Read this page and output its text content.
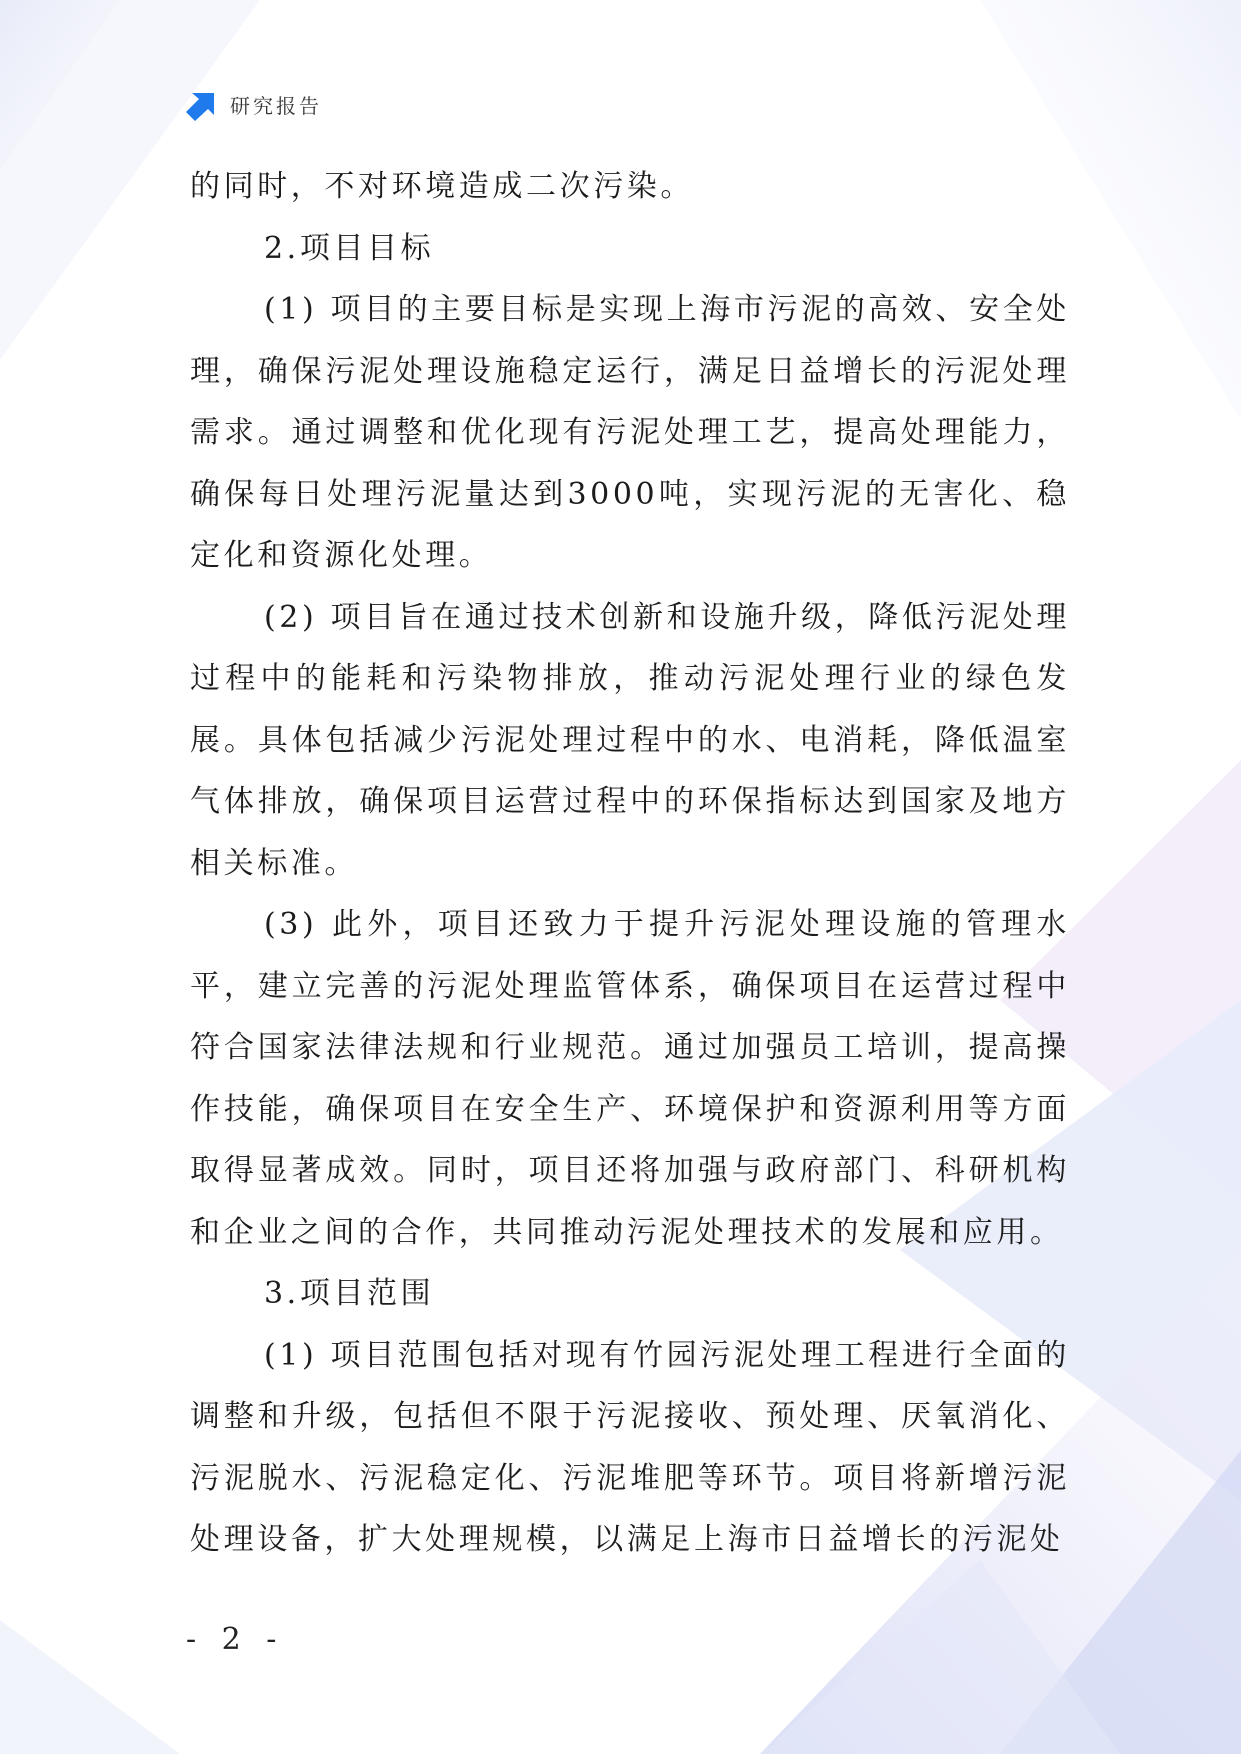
研究报告

的同时，不对环境造成二次污染。

2.项目目标

(1) 项目的主要目标是实现上海市污泥的高效、安全处理，确保污泥处理设施稳定运行，满足日益增长的污泥处理需求。通过调整和优化现有污泥处理工艺，提高处理能力，确保每日处理污泥量达到3000吨，实现污泥的无害化、稳定化和资源化处理。

(2) 项目旨在通过技术创新和设施升级，降低污泥处理过程中的能耗和污染物排放，推动污泥处理行业的绿色发展。具体包括减少污泥处理过程中的水、电消耗，降低温室气体排放，确保项目运营过程中的环保指标达到国家及地方相关标准。

(3) 此外，项目还致力于提升污泥处理设施的管理水平，建立完善的污泥处理监管体系，确保项目在运营过程中符合国家法律法规和行业规范。通过加强员工培训，提高操作技能，确保项目在安全生产、环境保护和资源利用等方面取得显著成效。同时，项目还将加强与政府部门、科研机构和企业之间的合作，共同推动污泥处理技术的发展和应用。

3.项目范围

(1) 项目范围包括对现有竹园污泥处理工程进行全面的调整和升级，包括但不限于污泥接收、预处理、厌氧消化、污泥脱水、污泥稳定化、污泥堆肥等环节。项目将新增污泥处理设备，扩大处理规模，以满足上海市日益增长的污泥处

- 2 -
